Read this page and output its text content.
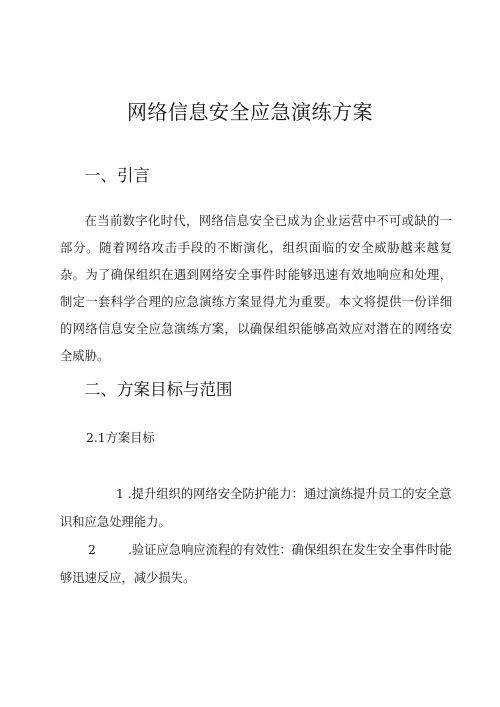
网络信息安全应急演练方案
一、引言

在当前数字化时代，网络信息安全已成为企业运营中不可或缺的一部分。随着网络攻击手段的不断演化，组织面临的安全威胁越来越复杂。为了确保组织在遇到网络安全事件时能够迅速有效地响应和处理，制定一套科学合理的应急演练方案显得尤为重要。本文将提供一份详细的网络信息安全应急演练方案，以确保组织能够高效应对潜在的网络安全威胁。

二、方案目标与范围
2.1方案目标

1 .提升组织的网络安全防护能力：通过演练提升员工的安全意识和应急处理能力。

2	.验证应急响应流程的有效性：确保组织在发生安全事件时能
够迅速反应，减少损失。
